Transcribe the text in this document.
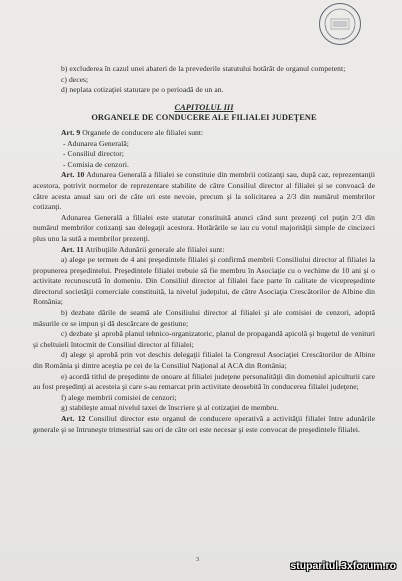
b) excluderea în cazul unei abateri de la prevederile statutului hotărât de organul competent;

c) deces;

d) neplata cotizaţiei statutare pe o perioadă de un an.

CAPITOLUL III

ORGANELE DE CONDUCERE ALE FILIALEI JUDEŢENE

Art. 9 Organele de conducere ale filialei sunt:

- Adunarea Generală;

- Consiliul director;

- Comisia de cenzori.

Art. 10 Adunarea Generală a filialei se constituie din membrii cotizanţi sau, după caz, reprezentanţii acestora, potrivit normelor de reprezentare stabilite de către Consiliul director al filialei şi se convoacă de către acesta anual sau ori de câte ori este nevoie, precum şi la solicitarea a 2/3 din numărul membrilor cotizanţi.

Adunarea Generală a filialei este statutar constituită atunci când sunt prezenţi cel puţin 2/3 din numărul membrilor cotizanţi sau delegaţii acestora. Hotărârile se iau cu votul majorităţii simple de cincizeci plus unu la sută a membrilor prezenţi.

Art. 11 Atribuţiile Adunării generale ale filialei sunt:

a) alege pe termen de 4 ani preşedintele filialei şi confirmă membrii Consiliului director al filialei la propunerea preşedintelui. Preşedintele filialei trebuie să fie membru în Asociaţie cu o vechime de 10 ani şi o activitate recunoscută în domeniu. Din Consiliul director al filialei face parte în calitate de vicepreşedinte directorul societăţii comerciale constituită, la nivelul judeţului, de către Asociaţia Crescătorilor de Albine din România;

b) dezbate dările de seamă ale Consiliului director al filialei şi ale comisiei de cenzori, adoptă măsurile ce se impun şi dă descărcare de gestiune;

c) dezbate şi aprobă planul tehnico-organizatoric, planul de propagandă apicolă şi bugetul de venituri şi cheltuieli întocmit de Consiliul director al filialei;

d) alege şi aprobă prin vot deschis delegaţii filialei la Congresul Asociaţiei Crescătorilor de Albine din România şi dintre aceştia pe cei de la Consiliul Naţional al ACA din România;

e) acordă titlul de preşedinte de onoare al filialei judeţene personalităţii din domeniul apiculturii care au fost preşedinţi ai acesteia şi care s-au remarcat prin activitate deosebită în conducerea filialei judeţene;

f) alege membrii comisiei de cenzori;

g) stabileşte anual nivelul taxei de înscriere şi al cotizaţiei de membru.

Art. 12 Consiliul director este organul de conducere operativă a activităţii filialei între adunările generale şi se întruneşte trimestrial sau ori de câte ori este necesar şi este convocat de preşedintele filialei.

3	stuparitul.3xforum.ro
